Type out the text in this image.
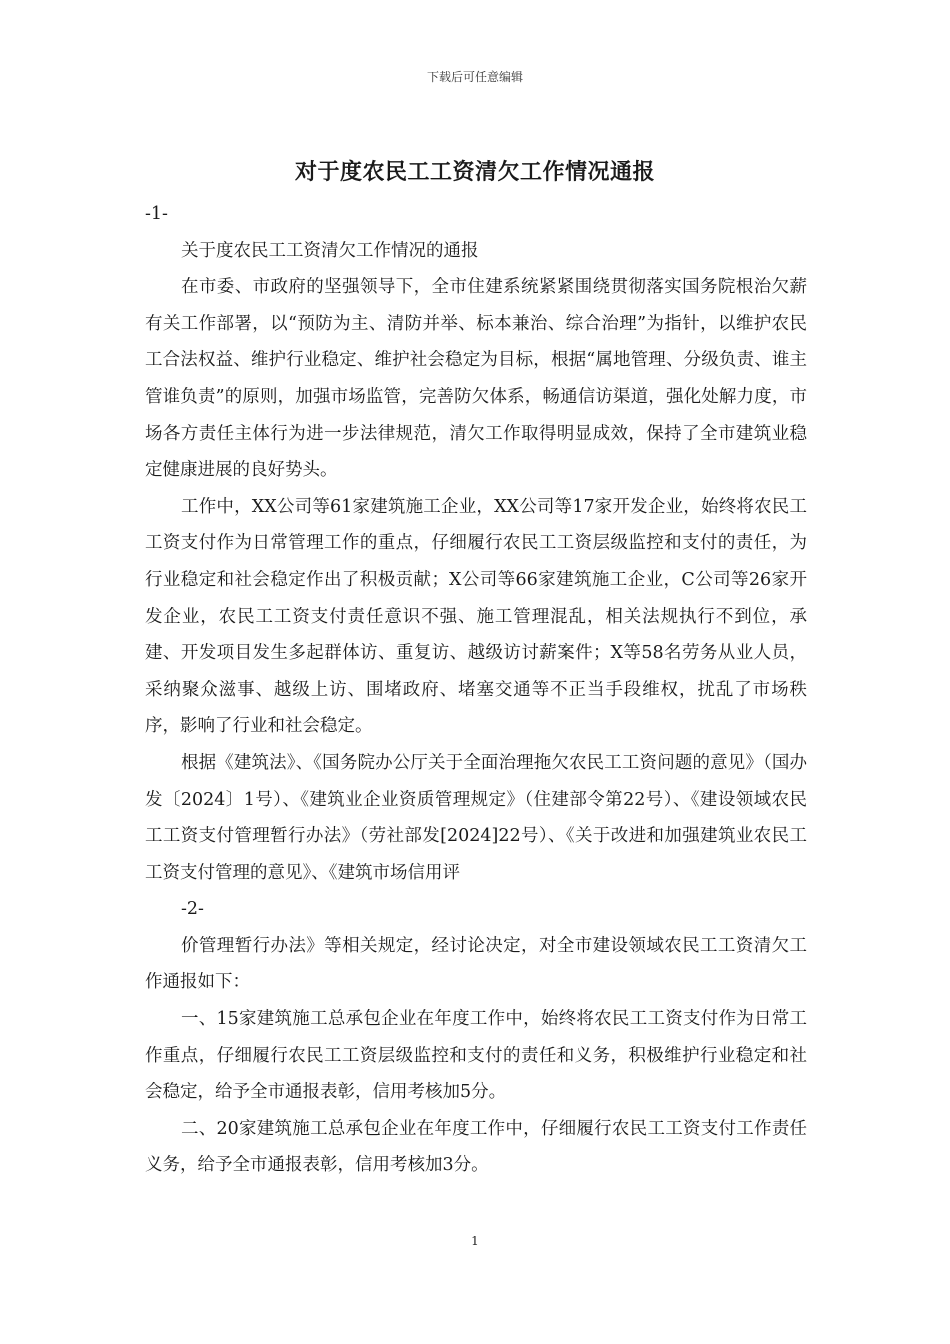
下载后可任意编辑
对于度农民工工资清欠工作情况通报

-1-

关于度农民工工资清欠工作情况的通报

在市委、市政府的坚强领导下，全市住建系统紧紧围绕贯彻落实国务院根治欠薪有关工作部署，以“预防为主、清防并举、标本兼治、综合治理”为指针，以维护农民工合法权益、维护行业稳定、维护社会稳定为目标，根据“属地管理、分级负责、谁主管谁负责”的原则，加强市场监管，完善防欠体系，畅通信访渠道，强化处解力度，市场各方责任主体行为进一步法律规范，清欠工作取得明显成效，保持了全市建筑业稳定健康进展的良好势头。

工作中，XX公司等61家建筑施工企业，XX公司等17家开发企业，始终将农民工工资支付作为日常管理工作的重点，仔细履行农民工工资层级监控和支付的责任，为行业稳定和社会稳定作出了积极贡献；X公司等66家建筑施工企业，C公司等26家开发企业，农民工工资支付责任意识不强、施工管理混乱，相关法规执行不到位，承建、开发项目发生多起群体访、重复访、越级访讨薪案件；X等58名劳务从业人员，采纳聚众滋事、越级上访、围堵政府、堵塞交通等不正当手段维权，扰乱了市场秩序，影响了行业和社会稳定。

根据《建筑法》、《国务院办公厅关于全面治理拖欠农民工工资问题的意见》（国办发〔2024〕1号）、《建筑业企业资质管理规定》（住建部令第22号）、《建设领域农民工工资支付管理暂行办法》（劳社部发[2024]22号）、《关于改进和加强建筑业农民工工资支付管理的意见》、《建筑市场信用评

-2-

价管理暂行办法》等相关规定，经讨论决定，对全市建设领域农民工工资清欠工作通报如下：

一、15家建筑施工总承包企业在年度工作中，始终将农民工工资支付作为日常工作重点，仔细履行农民工工资层级监控和支付的责任和义务，积极维护行业稳定和社会稳定，给予全市通报表彰，信用考核加5分。

二、20家建筑施工总承包企业在年度工作中，仔细履行农民工工资支付工作责任义务，给予全市通报表彰，信用考核加3分。

1
